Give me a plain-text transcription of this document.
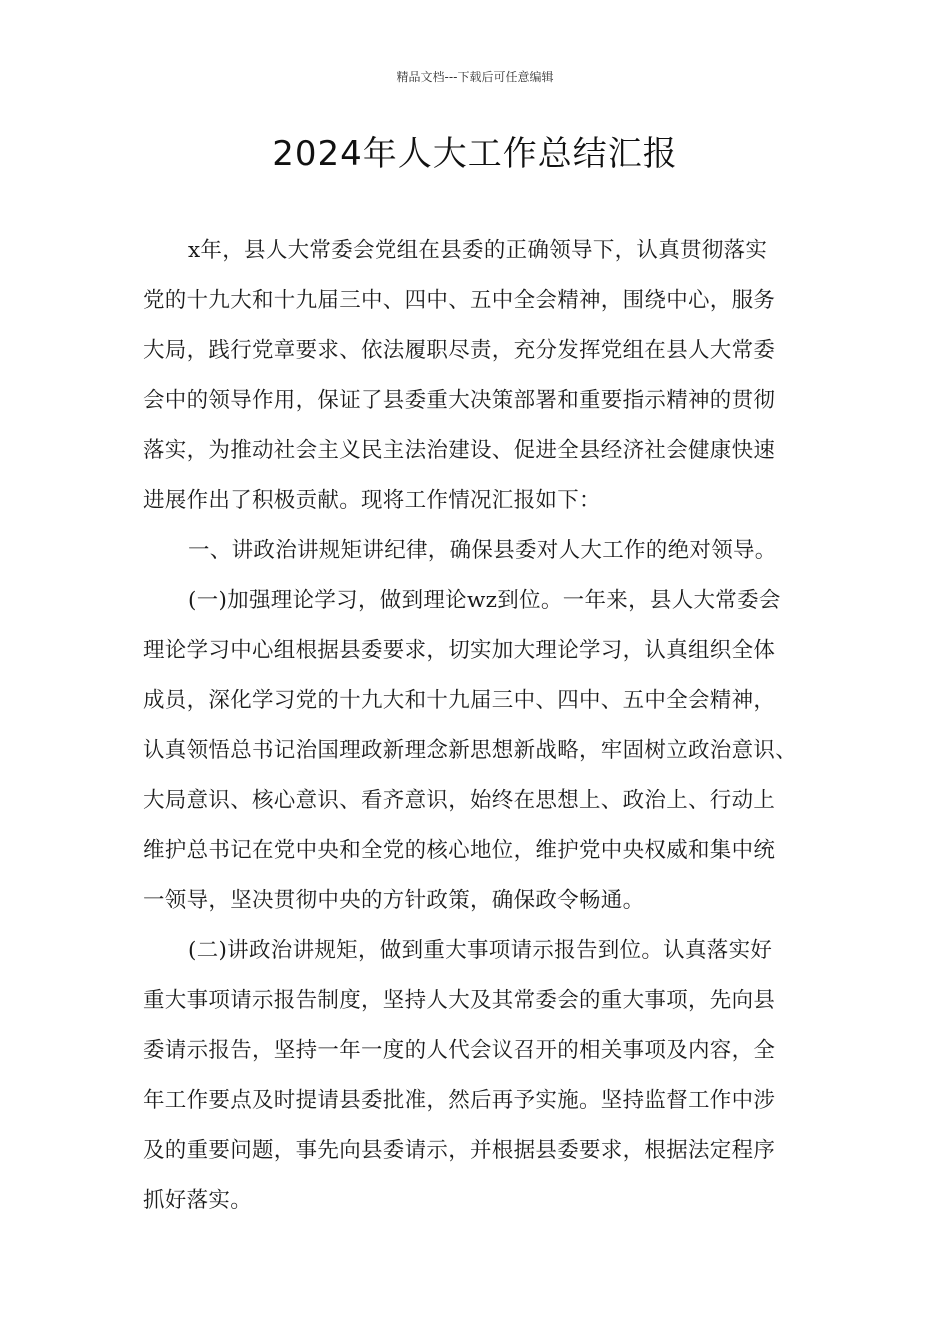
精品文档---下载后可任意编辑
2024年人大工作总结汇报
x年，县人大常委会党组在县委的正确领导下，认真贯彻落实
党的十九大和十九届三中、四中、五中全会精神，围绕中心，服务
大局，践行党章要求、依法履职尽责，充分发挥党组在县人大常委
会中的领导作用，保证了县委重大决策部署和重要指示精神的贯彻
落实，为推动社会主义民主法治建设、促进全县经济社会健康快速
进展作出了积极贡献。现将工作情况汇报如下：
一、讲政治讲规矩讲纪律，确保县委对人大工作的绝对领导。
(一)加强理论学习，做到理论wz到位。一年来，县人大常委会
理论学习中心组根据县委要求，切实加大理论学习，认真组织全体
成员，深化学习党的十九大和十九届三中、四中、五中全会精神，
认真领悟总书记治国理政新理念新思想新战略，牢固树立政治意识、
大局意识、核心意识、看齐意识，始终在思想上、政治上、行动上
维护总书记在党中央和全党的核心地位，维护党中央权威和集中统
一领导，坚决贯彻中央的方针政策，确保政令畅通。
(二)讲政治讲规矩，做到重大事项请示报告到位。认真落实好
重大事项请示报告制度，坚持人大及其常委会的重大事项，先向县
委请示报告，坚持一年一度的人代会议召开的相关事项及内容，全
年工作要点及时提请县委批准，然后再予实施。坚持监督工作中涉
及的重要问题，事先向县委请示，并根据县委要求，根据法定程序
抓好落实。
